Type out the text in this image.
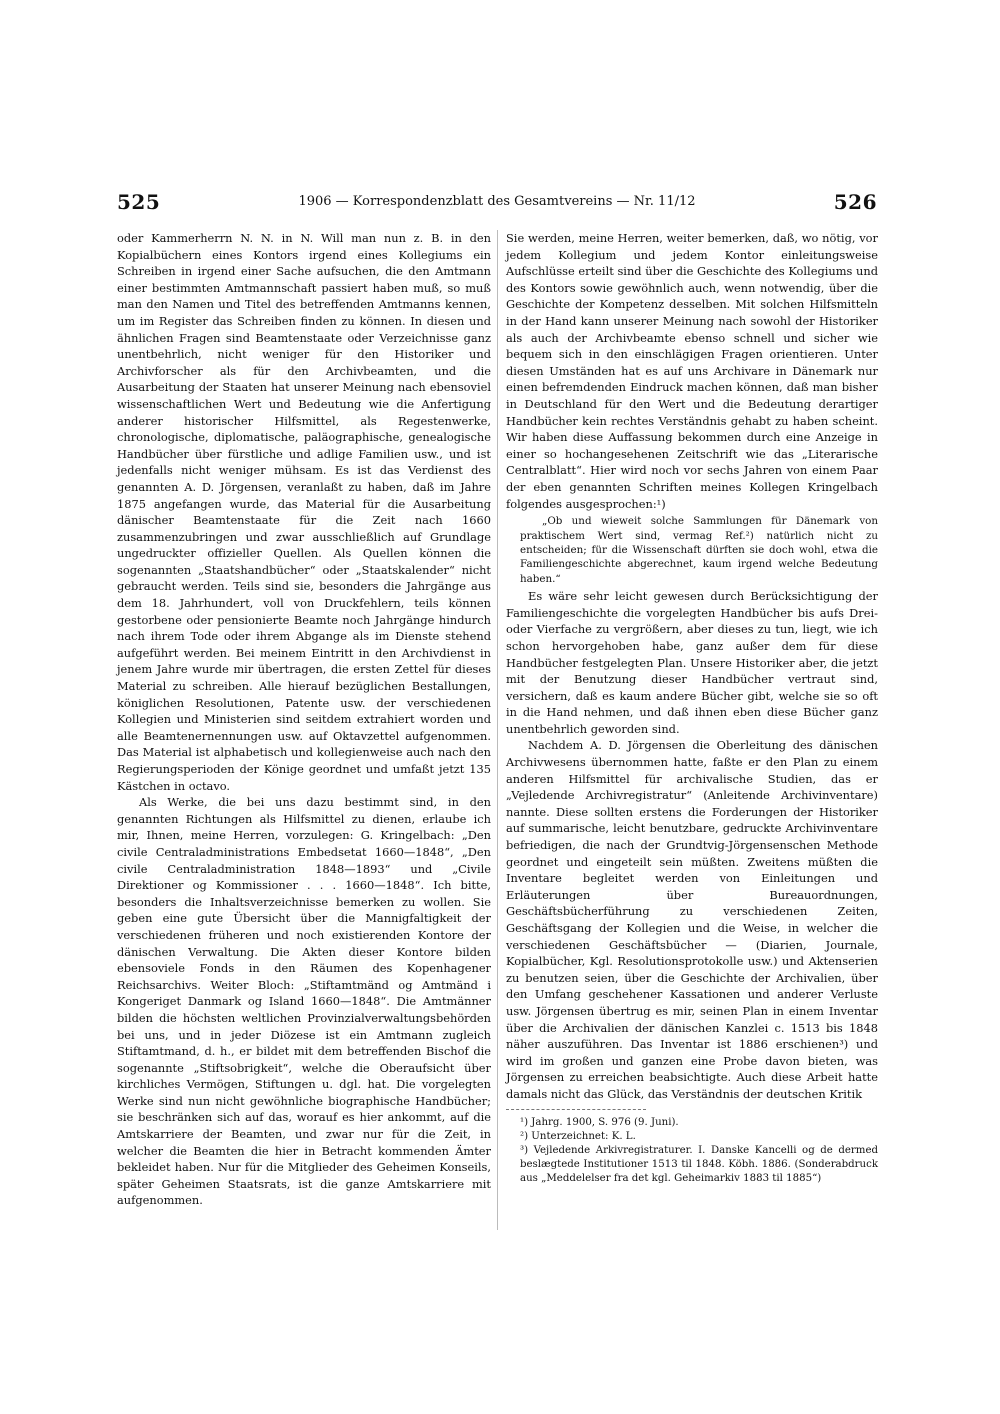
525	1906 — Korrespondenzblatt des Gesamtvereins — Nr. 11/12	526

oder Kammerherrn N. N. in N. Will man nun z. B. in den Kopialbüchern eines Kontors irgend eines Kollegiums ein Schreiben in irgend einer Sache aufsuchen, die den Amtmann einer bestimmten Amtmannschaft passiert haben muß, so muß man den Namen und Titel des betreffenden Amtmanns kennen, um im Register das Schreiben finden zu können. In diesen und ähnlichen Fragen sind Beamtenstaate oder Verzeichnisse ganz unentbehrlich, nicht weniger für den Historiker und Archivforscher als für den Archivbeamten, und die Ausarbeitung der Staaten hat unserer Meinung nach ebensoviel wissenschaftlichen Wert und Bedeutung wie die Anfertigung anderer historischer Hilfsmittel, als Regestenwerke, chronologische, diplomatische, paläographische, genealogische Handbücher über fürstliche und adlige Familien usw., und ist jedenfalls nicht weniger mühsam. Es ist das Verdienst des genannten A. D. Jörgensen, veranlaßt zu haben, daß im Jahre 1875 angefangen wurde, das Material für die Ausarbeitung dänischer Beamtenstaate für die Zeit nach 1660 zusammenzubringen und zwar ausschließlich auf Grundlage ungedruckter offizieller Quellen. Als Quellen können die sogenannten „Staatshandbücher“ oder „Staatskalender“ nicht gebraucht werden. Teils sind sie, besonders die Jahrgänge aus dem 18. Jahrhundert, voll von Druckfehlern, teils können gestorbene oder pensionierte Beamte noch Jahrgänge hindurch nach ihrem Tode oder ihrem Abgange als im Dienste stehend aufgeführt werden. Bei meinem Eintritt in den Archivdienst in jenem Jahre wurde mir übertragen, die ersten Zettel für dieses Material zu schreiben. Alle hierauf bezüglichen Bestallungen, königlichen Resolutionen, Patente usw. der verschiedenen Kollegien und Ministerien sind seitdem extrahiert worden und alle Beamtenernennungen usw. auf Oktavzettel aufgenommen. Das Material ist alphabetisch und kollegienweise auch nach den Regierungsperioden der Könige geordnet und umfaßt jetzt 135 Kästchen in octavo.

Als Werke, die bei uns dazu bestimmt sind, in den genannten Richtungen als Hilfsmittel zu dienen, erlaube ich mir, Ihnen, meine Herren, vorzulegen: G. Kringelbach: „Den civile Centraladministrations Embedsetat 1660—1848“, „Den civile Centraladministration 1848—1893“ und „Civile Direktioner og Kommissioner . . . 1660—1848“. Ich bitte, besonders die Inhaltsverzeichnisse bemerken zu wollen. Sie geben eine gute Übersicht über die Mannigfaltigkeit der verschiedenen früheren und noch existierenden Kontore der dänischen Verwaltung. Die Akten dieser Kontore bilden ebensoviele Fonds in den Räumen des Kopenhagener Reichsarchivs. Weiter Bloch: „Stiftamtmänd og Amtmänd i Kongeriget Danmark og Island 1660—1848“. Die Amtmänner bilden die höchsten weltlichen Provinzialverwaltungsbehörden bei uns, und in jeder Diözese ist ein Amtmann zugleich Stiftamtmand, d. h., er bildet mit dem betreffenden Bischof die sogenannte „Stiftsobrigkeit“, welche die Oberaufsicht über kirchliches Vermögen, Stiftungen u. dgl. hat. Die vorgelegten Werke sind nun nicht gewöhnliche biographische Handbücher; sie beschränken sich auf das, worauf es hier ankommt, auf die Amtskarriere der Beamten, und zwar nur für die Zeit, in welcher die Beamten die hier in Betracht kommenden Ämter bekleidet haben. Nur für die Mitglieder des Geheimen Konseils, später Geheimen Staatsrats, ist die ganze Amtskarriere mit aufgenommen.

Sie werden, meine Herren, weiter bemerken, daß, wo nötig, vor jedem Kollegium und jedem Kontor einleitungsweise Aufschlüsse erteilt sind über die Geschichte des Kollegiums und des Kontors sowie gewöhnlich auch, wenn notwendig, über die Geschichte der Kompetenz desselben. Mit solchen Hilfsmitteln in der Hand kann unserer Meinung nach sowohl der Historiker als auch der Archivbeamte ebenso schnell und sicher wie bequem sich in den einschlägigen Fragen orientieren. Unter diesen Umständen hat es auf uns Archivare in Dänemark nur einen befremdenden Eindruck machen können, daß man bisher in Deutschland für den Wert und die Bedeutung derartiger Handbücher kein rechtes Verständnis gehabt zu haben scheint. Wir haben diese Auffassung bekommen durch eine Anzeige in einer so hochangesehenen Zeitschrift wie das „Literarische Centralblatt“. Hier wird noch vor sechs Jahren von einem Paar der eben genannten Schriften meines Kollegen Kringelbach folgendes ausgesprochen:¹)

„Ob und wieweit solche Sammlungen für Dänemark von praktischem Wert sind, vermag Ref.²) natürlich nicht zu entscheiden; für die Wissenschaft dürften sie doch wohl, etwa die Familiengeschichte abgerechnet, kaum irgend welche Bedeutung haben.“

Es wäre sehr leicht gewesen durch Berücksichtigung der Familiengeschichte die vorgelegten Handbücher bis aufs Drei- oder Vierfache zu vergrößern, aber dieses zu tun, liegt, wie ich schon hervorgehoben habe, ganz außer dem für diese Handbücher festgelegten Plan. Unsere Historiker aber, die jetzt mit der Benutzung dieser Handbücher vertraut sind, versichern, daß es kaum andere Bücher gibt, welche sie so oft in die Hand nehmen, und daß ihnen eben diese Bücher ganz unentbehrlich geworden sind.

Nachdem A. D. Jörgensen die Oberleitung des dänischen Archivwesens übernommen hatte, faßte er den Plan zu einem anderen Hilfsmittel für archivalische Studien, das er „Vejledende Archivregistratur“ (Anleitende Archivinventare) nannte. Diese sollten erstens die Forderungen der Historiker auf summarische, leicht benutzbare, gedruckte Archivinventare befriedigen, die nach der Grundtvig-Jörgensenschen Methode geordnet und eingeteilt sein müßten. Zweitens müßten die Inventare begleitet werden von Einleitungen und Erläuterungen über Bureauordnungen, Geschäftsbücherführung zu verschiedenen Zeiten, Geschäftsgang der Kollegien und die Weise, in welcher die verschiedenen Geschäftsbücher — (Diarien, Journale, Kopialbücher, Kgl. Resolutionsprotokolle usw.) und Aktenserien zu benutzen seien, über die Geschichte der Archivalien, über den Umfang geschehener Kassationen und anderer Verluste usw. Jörgensen übertrug es mir, seinen Plan in einem Inventar über die Archivalien der dänischen Kanzlei c. 1513 bis 1848 näher auszuführen. Das Inventar ist 1886 erschienen³) und wird im großen und ganzen eine Probe davon bieten, was Jörgensen zu erreichen beabsichtigte. Auch diese Arbeit hatte damals nicht das Glück, das Verständnis der deutschen Kritik

¹) Jahrg. 1900, S. 976 (9. Juni).

²) Unterzeichnet: K. L.

³) Vejledende Arkivregistraturer. I. Danske Kancelli og de dermed beslægtede Institutioner 1513 til 1848. Köbh. 1886. (Sonderabdruck aus „Meddelelser fra det kgl. Geheimarkiv 1883 til 1885“)
